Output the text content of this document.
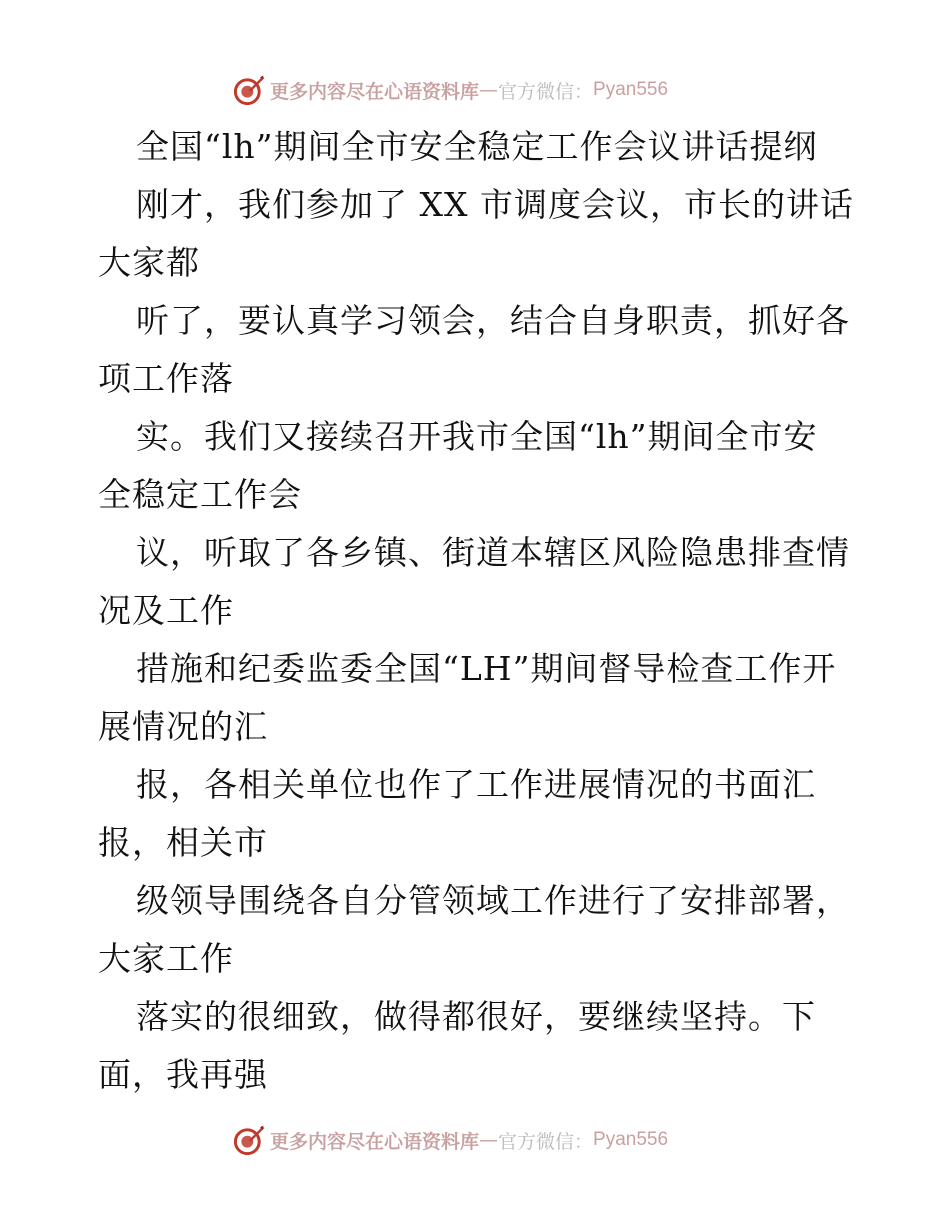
更多内容尽在心语资料库 — 官方微信： Pyan556
全国“lh”期间全市安全稳定工作会议讲话提纲
刚才，我们参加了 XX 市调度会议，市长的讲话
大家都
听了，要认真学习领会，结合自身职责，抓好各
项工作落
实。我们又接续召开我市全国“lh”期间全市安
全稳定工作会
议，听取了各乡镇、街道本辖区风险隐患排查情
况及工作
措施和纪委监委全国“LH”期间督导检查工作开
展情况的汇
报，各相关单位也作了工作进展情况的书面汇
报，相关市
级领导围绕各自分管领域工作进行了安排部署，
大家工作
落实的很细致，做得都很好，要继续坚持。下
面，我再强
更多内容尽在心语资料库 — 官方微信： Pyan556
